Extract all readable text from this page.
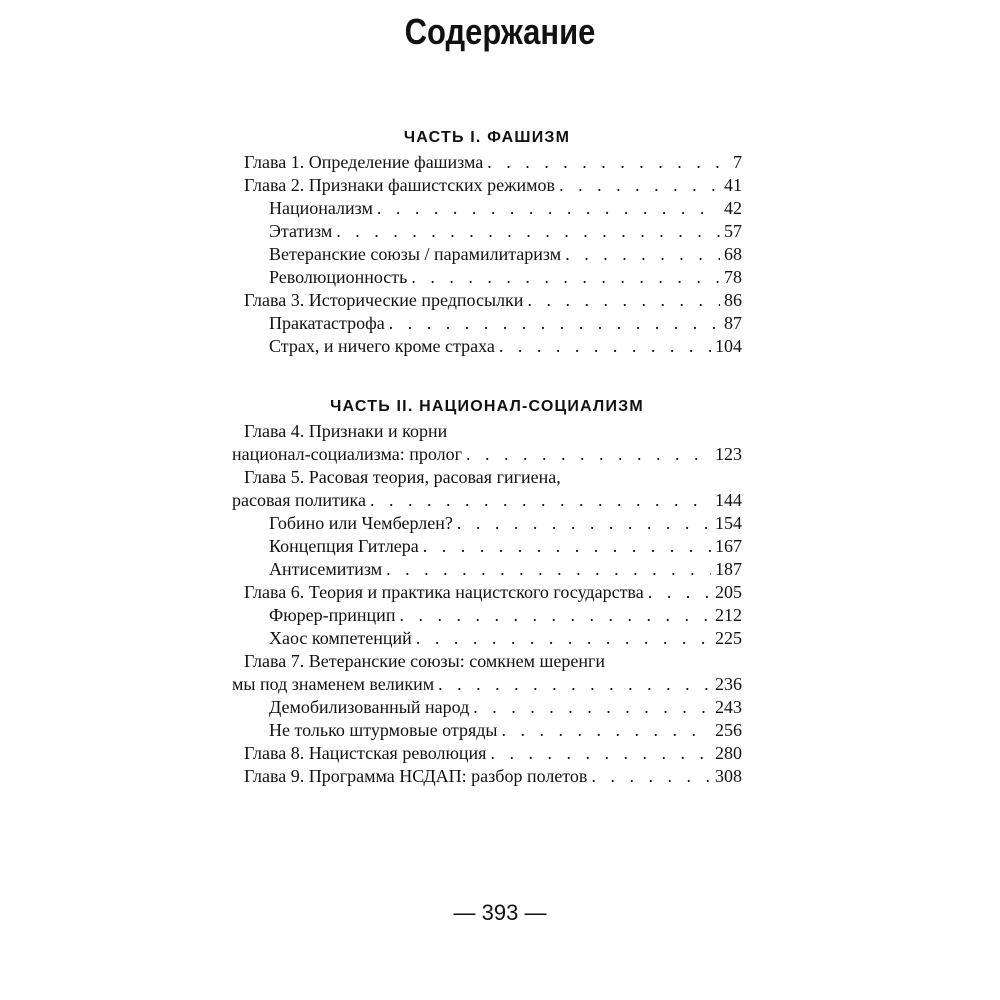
Содержание
ЧАСТЬ I. ФАШИЗМ
Глава 1. Определение фашизма . . .	7
Глава 2. Признаки фашистских режимов . . .	41
Национализм . . .	42
Этатизм . . .	57
Ветеранские союзы / парамилитаризм . . .	68
Революционность . . .	78
Глава 3. Исторические предпосылки . . .	86
Пракатастрофа . . .	87
Страх, и ничего кроме страха . . .	104
ЧАСТЬ II. НАЦИОНАЛ-СОЦИАЛИЗМ
Глава 4. Признаки и корни
национал-социализма: пролог . . .	123
Глава 5. Расовая теория, расовая гигиена,
расовая политика . . .	144
Гобино или Чемберлен? . . .	154
Концепция Гитлера . . .	167
Антисемитизм . . .	187
Глава 6. Теория и практика нацистского государства . . .	205
Фюрер-принцип . . .	212
Хаос компетенций . . .	225
Глава 7. Ветеранские союзы: сомкнем шеренги
мы под знаменем великим . . .	236
Демобилизованный народ . . .	243
Не только штурмовые отряды . . .	256
Глава 8. Нацистская революция . . .	280
Глава 9. Программа НСДАП: разбор полетов . . .	308
— 393 —
